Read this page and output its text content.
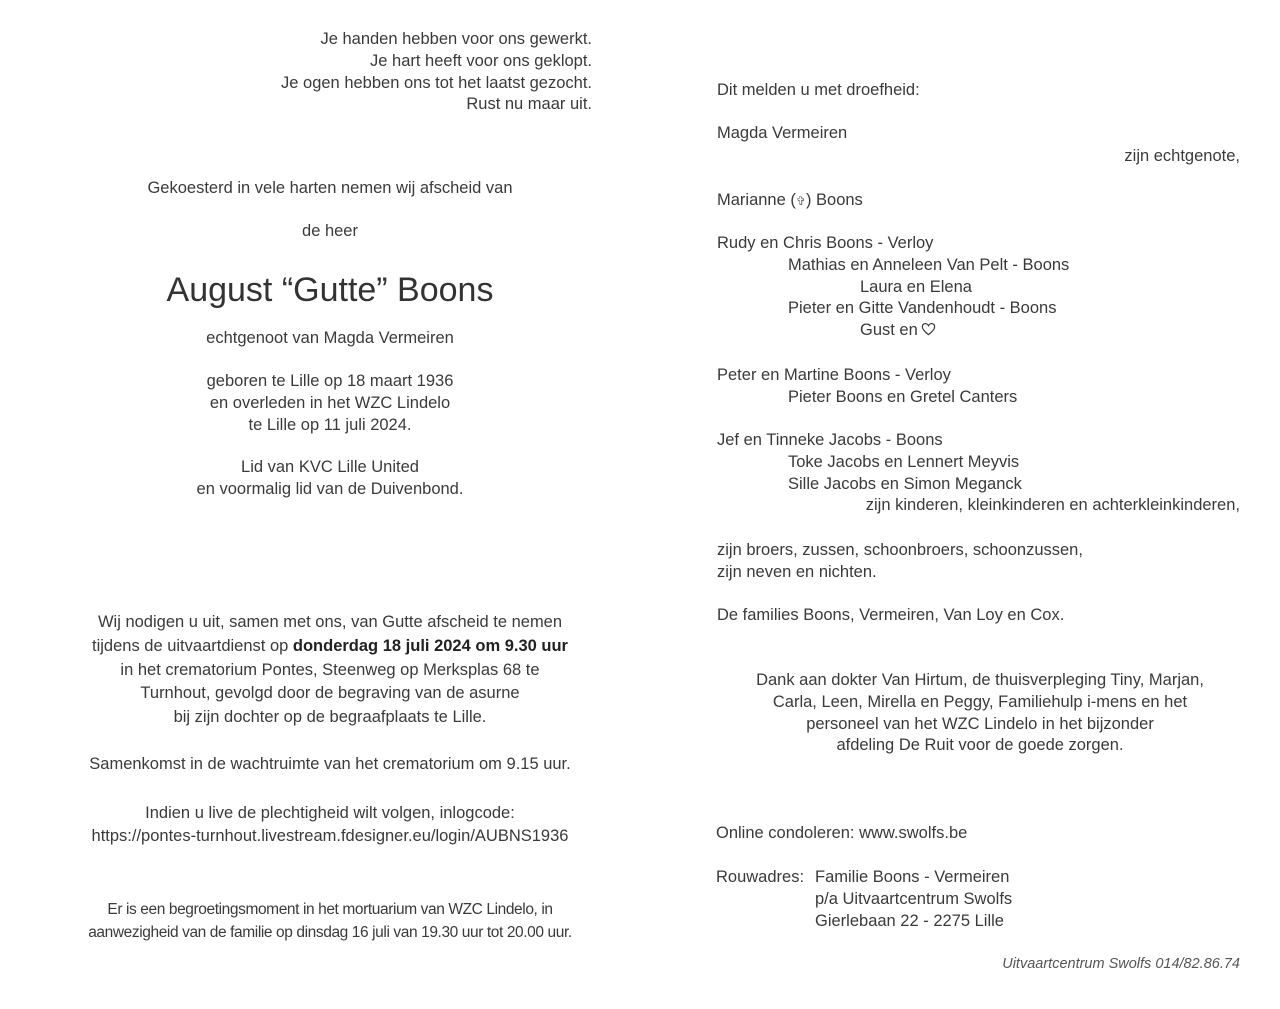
Je handen hebben voor ons gewerkt.
Je hart heeft voor ons geklopt.
Je ogen hebben ons tot het laatst gezocht.
Rust nu maar uit.
Gekoesterd in vele harten nemen wij afscheid van
de heer
August “Gutte” Boons
echtgenoot van Magda Vermeiren
geboren te Lille op 18 maart 1936
en overleden in het WZC Lindelo
te Lille op 11 juli 2024.
Lid van KVC Lille United
en voormalig lid van de Duivenbond.
Wij nodigen u uit, samen met ons, van Gutte afscheid te nemen
tijdens de uitvaartdienst op donderdag 18 juli 2024 om 9.30 uur
in het crematorium Pontes, Steenweg op Merksplas 68 te
Turnhout, gevolgd door de begraving van de asurne
bij zijn dochter op de begraafplaats te Lille.
Samenkomst in de wachtruimte van het crematorium om 9.15 uur.
Indien u live de plechtigheid wilt volgen, inlogcode:
https://pontes-turnhout.livestream.fdesigner.eu/login/AUBNS1936
Er is een begroetingsmoment in het mortuarium van WZC Lindelo, in
aanwezigheid van de familie op dinsdag 16 juli van 19.30 uur tot 20.00 uur.
Dit melden u met droefheid:
Magda Vermeiren
zijn echtgenote,
Marianne (✞) Boons
Rudy en Chris Boons - Verloy
Mathias en Anneleen Van Pelt - Boons
Laura en Elena
Pieter en Gitte Vandenhoudt - Boons
Gust en
Peter en Martine Boons - Verloy
Pieter Boons en Gretel Canters
Jef en Tinneke Jacobs - Boons
Toke Jacobs en Lennert Meyvis
Sille Jacobs en Simon Meganck
zijn kinderen, kleinkinderen en achterkleinkinderen,
zijn broers, zussen, schoonbroers, schoonzussen,
zijn neven en nichten.
De families Boons, Vermeiren, Van Loy en Cox.
Dank aan dokter Van Hirtum, de thuisverpleging Tiny, Marjan,
Carla, Leen, Mirella en Peggy, Familiehulp i-mens en het
personeel van het WZC Lindelo in het bijzonder
afdeling De Ruit voor de goede zorgen.
Online condoleren: www.swolfs.be
Rouwadres: Familie Boons - Vermeiren
p/a Uitvaartcentrum Swolfs
Gierlebaan 22 - 2275 Lille
Uitvaartcentrum Swolfs 014/82.86.74
